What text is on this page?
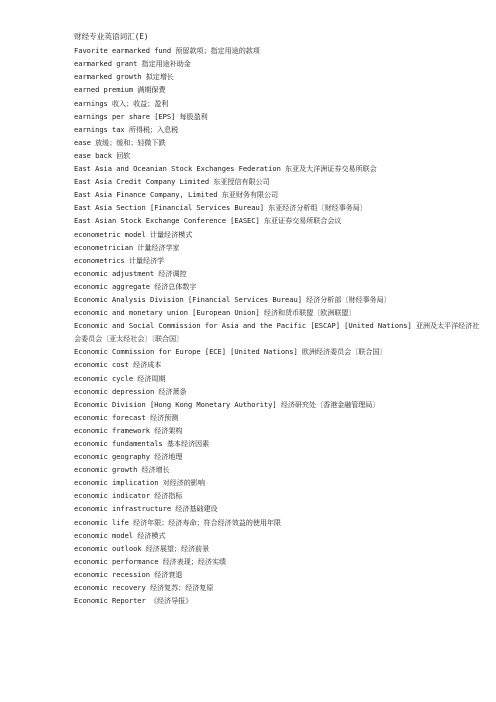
财经专业英语词汇(E)
Favorite earmarked fund 预留款项；指定用途的款项
earmarked grant 指定用途补助金
earmarked growth 拟定增长
earned premium 满期保费
earnings 收入；收益；盈利
earnings per share [EPS] 每股盈利
earnings tax 所得税；入息税
ease 放缓；缓和；轻微下跌
ease back 回软
East Asia and Oceanian Stock Exchanges Federation 东亚及大洋洲证券交易所联会
East Asia Credit Company Limited 东亚授信有限公司
East Asia Finance Company, Limited 东亚财务有限公司
East Asia Section [Financial Services Bureau] 东亚经济分析组〔财经事务局〕
East Asian Stock Exchange Conference [EASEC] 东亚证券交易所联合会议
econometric model 计量经济模式
econometrician 计量经济学家
econometrics 计量经济学
economic adjustment 经济调控
economic aggregate 经济总体数字
Economic Analysis Division [Financial Services Bureau] 经济分析部〔财经事务局〕
economic and monetary union [European Union] 经济和货币联盟〔欧洲联盟〕
Economic and Social Commission for Asia and the Pacific [ESCAP] [United Nations] 亚洲及太平洋经济社会委员会〔亚太经社会〕〔联合国〕
Economic Commission for Europe [ECE] [United Nations] 欧洲经济委员会〔联合国〕
economic cost 经济成本
economic cycle 经济周期
economic depression 经济萧条
Economic Division [Hong Kong Monetary Authority] 经济研究处〔香港金融管理局〕
economic forecast 经济预测
economic framework 经济架构
economic fundamentals 基本经济因素
economic geography 经济地理
economic growth 经济增长
economic implication 对经济的影响
economic indicator 经济指标
economic infrastructure 经济基础建设
economic life 经济年限；经济寿命；符合经济效益的使用年限
economic model 经济模式
economic outlook 经济展望；经济前景
economic performance 经济表现；经济实绩
economic recession 经济衰退
economic recovery 经济复苏；经济复原
Economic Reporter 《经济导报》
